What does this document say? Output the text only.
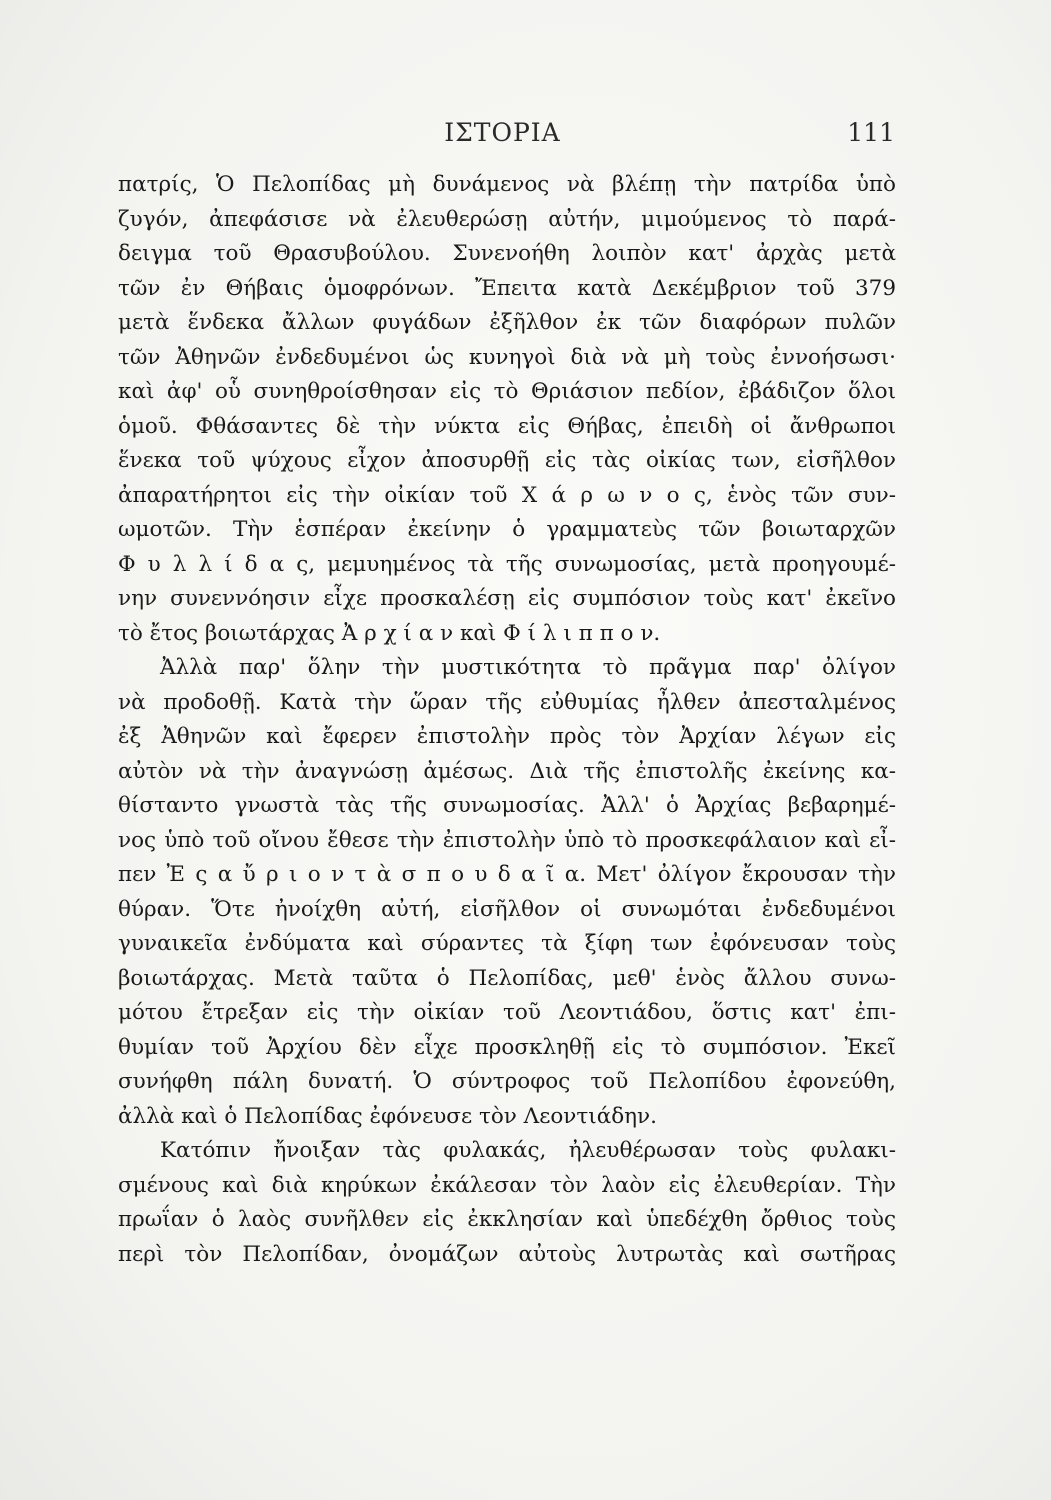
ΙΣΤΟΡΙΑ	111
πατρίς, Ὁ Πελοπίδας μὴ δυνάμενος νὰ βλέπῃ τὴν πατρίδα ὑπὸ
ζυγόν, ἀπεφάσισε νὰ ἐλευθερώσῃ αὐτήν, μιμούμενος τὸ παρά-
δειγμα τοῦ Θρασυβούλου. Συνενοήθη λοιπὸν κατ' ἀρχὰς μετὰ
τῶν ἐν Θήβαις ὁμοφρόνων. Ἔπειτα κατὰ Δεκέμβριον τοῦ 379
μετὰ ἕνδεκα ἄλλων φυγάδων ἐξῆλθον ἐκ τῶν διαφόρων πυλῶν
τῶν Ἀθηνῶν ἐνδεδυμένοι ὡς κυνηγοὶ διὰ νὰ μὴ τοὺς ἐννοήσωσι·
καὶ ἀφ' οὗ συνηθροίσθησαν εἰς τὸ Θριάσιον πεδίον, ἐβάδιζον ὅλοι
ὁμοῦ. Φθάσαντες δὲ τὴν νύκτα εἰς Θήβας, ἐπειδὴ οἱ ἄνθρωποι
ἕνεκα τοῦ ψύχους εἶχον ἀποσυρθῇ εἰς τὰς οἰκίας των, εἰσῆλθον
ἀπαρατήρητοι εἰς τὴν οἰκίαν τοῦ Χ ά ρ ω ν ο ς, ἑνὸς τῶν συν-
ωμοτῶν. Τὴν ἑσπέραν ἐκείνην ὁ γραμματεὺς τῶν βοιωταρχῶν
Φ υ λ λ ί δ α ς, μεμυημένος τὰ τῆς συνωμοσίας, μετὰ προηγουμέ-
νην συνεννόησιν εἶχε προσκαλέσῃ εἰς συμπόσιον τοὺς κατ' ἐκεῖνο
τὸ ἔτος βοιωτάρχας Ἀ ρ χ ί α ν καὶ Φ ί λ ι π π ο ν.
Ἀλλὰ παρ' ὅλην τὴν μυστικότητα τὸ πρᾶγμα παρ' ὀλίγον
νὰ προδοθῇ. Κατὰ τὴν ὥραν τῆς εὐθυμίας ἦλθεν ἀπεσταλμένος
ἐξ Ἀθηνῶν καὶ ἔφερεν ἐπιστολὴν πρὸς τὸν Ἀρχίαν λέγων εἰς
αὐτὸν νὰ τὴν ἀναγνώσῃ ἀμέσως. Διὰ τῆς ἐπιστολῆς ἐκείνης κα-
θίσταντο γνωστὰ τὰς τῆς συνωμοσίας. Ἀλλ' ὁ Ἀρχίας βεβαρημέ-
νος ὑπὸ τοῦ οἴνου ἔθεσε τὴν ἐπιστολὴν ὑπὸ τὸ προσκεφάλαιον καὶ εἶ-
πεν Ἐ ς α ὔ ρ ι ο ν τ ὰ σ π ο υ δ α ῖ α. Μετ' ὀλίγον ἔκρουσαν τὴν
θύραν. Ὅτε ἠνοίχθη αὐτή, εἰσῆλθον οἱ συνωμόται ἐνδεδυμένοι
γυναικεῖα ἐνδύματα καὶ σύραντες τὰ ξίφη των ἐφόνευσαν τοὺς
βοιωτάρχας. Μετὰ ταῦτα ὁ Πελοπίδας, μεθ' ἑνὸς ἄλλου συνω-
μότου ἔτρεξαν εἰς τὴν οἰκίαν τοῦ Λεοντιάδου, ὅστις κατ' ἐπι-
θυμίαν τοῦ Ἀρχίου δὲν εἶχε προσκληθῇ εἰς τὸ συμπόσιον. Ἐκεῖ
συνήφθη πάλη δυνατή. Ὁ σύντροφος τοῦ Πελοπίδου ἐφονεύθη,
ἀλλὰ καὶ ὁ Πελοπίδας ἐφόνευσε τὸν Λεοντιάδην.
Κατόπιν ἤνοιξαν τὰς φυλακάς, ἠλευθέρωσαν τοὺς φυλακι-
σμένους καὶ διὰ κηρύκων ἐκάλεσαν τὸν λαὸν εἰς ἐλευθερίαν. Τὴν
πρωΐαν ὁ λαὸς συνῆλθεν εἰς ἐκκλησίαν καὶ ὑπεδέχθη ὄρθιος τοὺς
περὶ τὸν Πελοπίδαν, ὀνομάζων αὐτοὺς λυτρωτὰς καὶ σωτῆρας
